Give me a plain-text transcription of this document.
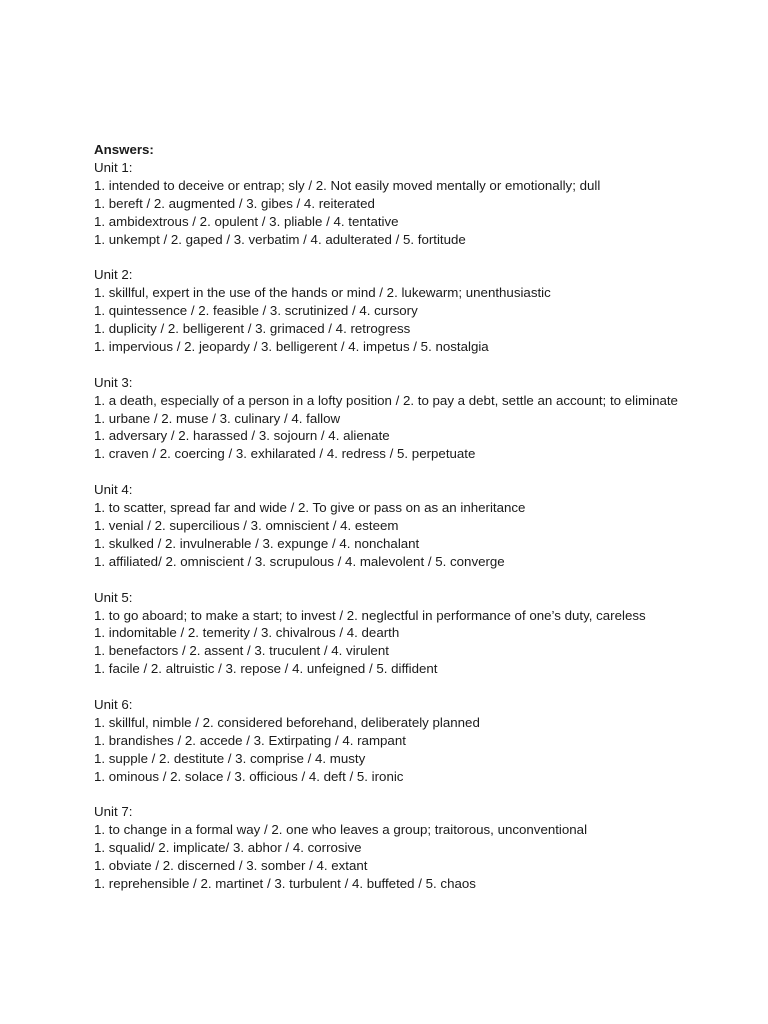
Answers:

Unit 1:

1. intended to deceive or entrap; sly / 2. Not easily moved mentally or emotionally; dull

1. bereft / 2. augmented / 3. gibes / 4. reiterated

1. ambidextrous / 2. opulent / 3. pliable / 4. tentative

1. unkempt / 2. gaped / 3. verbatim / 4. adulterated / 5. fortitude

Unit 2:

1. skillful, expert in the use of the hands or mind / 2. lukewarm; unenthusiastic

1. quintessence / 2. feasible / 3. scrutinized / 4. cursory

1. duplicity / 2. belligerent / 3. grimaced / 4. retrogress

1. impervious / 2. jeopardy / 3. belligerent / 4. impetus / 5. nostalgia

Unit 3:

1. a death, especially of a person in a lofty position / 2. to pay a debt, settle an account; to eliminate

1. urbane / 2. muse / 3. culinary / 4. fallow

1. adversary / 2. harassed / 3. sojourn / 4. alienate

1. craven / 2. coercing / 3. exhilarated / 4. redress / 5. perpetuate

Unit 4:

1. to scatter, spread far and wide / 2. To give or pass on as an inheritance

1. venial / 2. supercilious / 3. omniscient / 4. esteem

1. skulked / 2. invulnerable / 3. expunge / 4. nonchalant

1. affiliated/ 2. omniscient / 3. scrupulous / 4. malevolent / 5. converge

Unit 5:

1. to go aboard; to make a start; to invest / 2. neglectful in performance of one’s duty, careless

1. indomitable / 2. temerity / 3. chivalrous / 4. dearth

1. benefactors / 2. assent / 3. truculent / 4. virulent

1. facile / 2. altruistic / 3. repose / 4. unfeigned / 5. diffident

Unit 6:

1. skillful, nimble / 2. considered beforehand, deliberately planned

1. brandishes / 2. accede / 3. Extirpating / 4. rampant

1. supple / 2. destitute / 3. comprise / 4. musty

1. ominous / 2. solace / 3. officious / 4. deft / 5. ironic

Unit 7:

1. to change in a formal way / 2. one who leaves a group; traitorous, unconventional

1. squalid/ 2. implicate/ 3. abhor / 4. corrosive

1. obviate / 2. discerned / 3. somber / 4. extant

1. reprehensible / 2. martinet / 3. turbulent / 4. buffeted / 5. chaos
